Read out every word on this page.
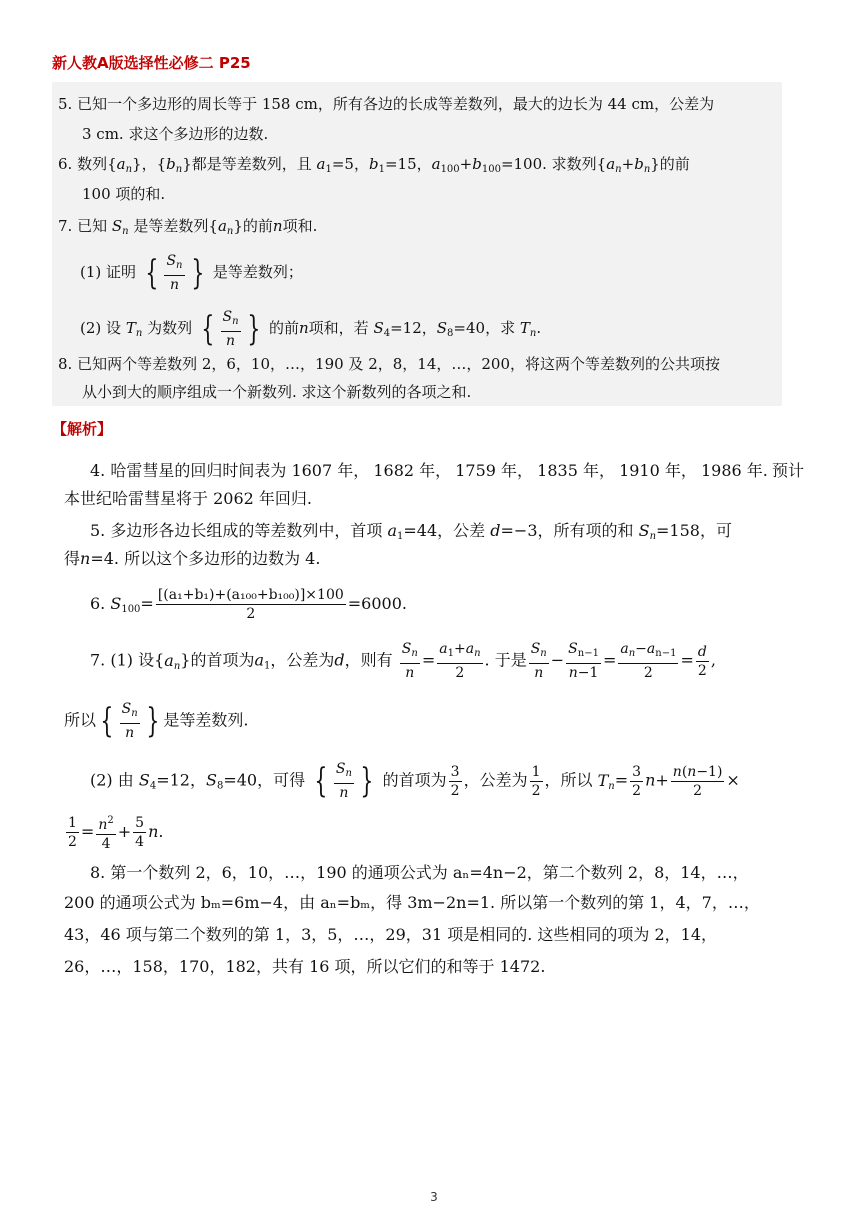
新人教A版选择性必修二 P25
5. 已知一个多边形的周长等于 158 cm，所有各边的长成等差数列，最大的边长为 44 cm，公差为
3 cm. 求这个多边形的边数.
6. 数列$\{a_n\}$，$\{b_n\}$都是等差数列，且 $a_1=5$，$b_1=15$，$a_{100}+b_{100}=100$. 求数列$\{a_n+b_n\}$的前
100 项的和.
7. 已知 $S_n$ 是等差数列$\{a_n\}$的前n项和.
(1) 证明 { $\frac{S_n}{n}$ } 是等差数列；
(2) 设 $T_n$ 为数列 { $\frac{S_n}{n}$ } 的前n项和，若 $S_4=12$，$S_8=40$，求 $T_n$.
8. 已知两个等差数列 2，6，10，…，190 及 2，8，14，…，200，将这两个等差数列的公共项按
从小到大的顺序组成一个新数列. 求这个新数列的各项之和.
【解析】
4. 哈雷彗星的回归时间表为 1607 年， 1682 年， 1759 年， 1835 年， 1910 年， 1986 年. 预计
本世纪哈雷彗星将于 2062 年回归.
5. 多边形各边长组成的等差数列中，首项 $a_1=44$，公差 d=−3，所有项的和 $S_n=158$，可
得n=4. 所以这个多边形的边数为 4.
6. $S_{100}= \frac{\text{[(a₁+b₁)+(a₁₀₀+b₁₀₀)]×100}}{2} =6000$.
7. (1) 设$\{a_n\}$的首项为$a_1$，公差为d，则有 $\frac{S_n}{n} = \frac{a_1+a_n}{2}$ . 于是 $\frac{S_n}{n} - \frac{S_{n-1}}{n-1} = \frac{a_n-a_{n-1}}{2} = \frac{d}{2}$ ,
所以 { $\frac{S_n}{n}$ } 是等差数列.
(2) 由 $S_4=12$，$S_8=40$，可得 { $\frac{S_n}{n}$ } 的首项为 $\frac{3}{2}$ ，公差为 $\frac{1}{2}$ ，所以 $T_n= \frac{3}{2} n+ \frac{n(n-1)}{2}$ ×
$\frac{1}{2} = \frac{n^2}{4} + \frac{5}{4} n$.
8. 第一个数列 2，6，10，…，190 的通项公式为 aₙ=4n−2，第二个数列 2，8，14，…，
200 的通项公式为 bₘ=6m−4，由 aₙ=bₘ，得 3m−2n=1. 所以第一个数列的第 1，4，7，…，
43，46 项与第二个数列的第 1，3，5，…，29，31 项是相同的. 这些相同的项为 2，14，
26，…，158，170，182，共有 16 项，所以它们的和等于 1472.
3
